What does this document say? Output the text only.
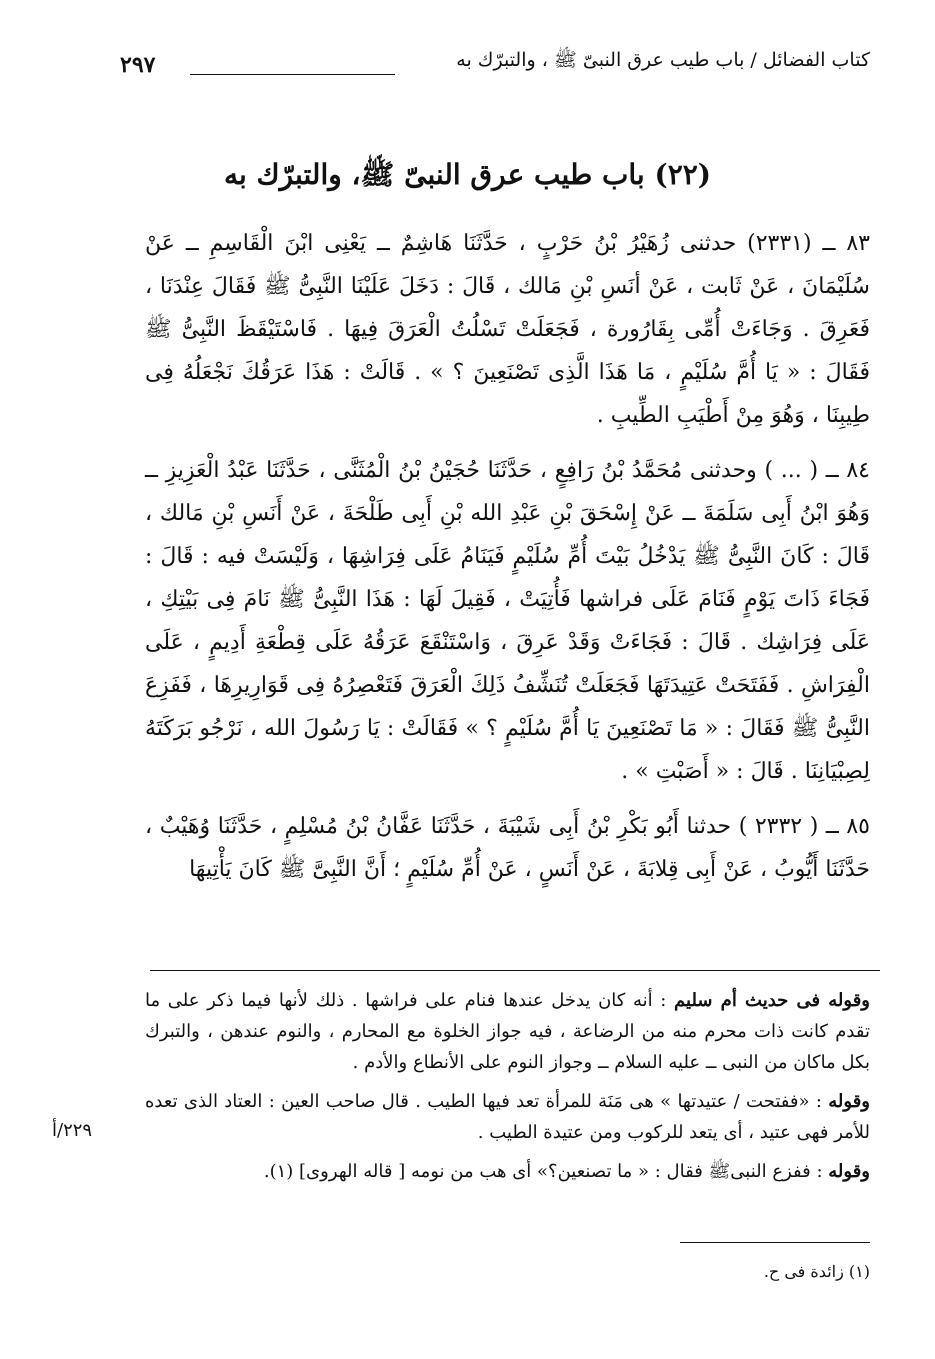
كتاب الفضائل / باب طيب عرق النبىّ ﷺ ، والتبرّك به
٢٩٧
(٢٢) باب طيب عرق النبىّ ﷺ، والتبرّك به

٨٣ ــ (٢٣٣١) حدثنى زُهَيْرُ بْنُ حَرْبٍ ، حَدَّثَنَا هَاشِمٌ ــ يَعْنِى ابْنَ الْقَاسِمِ ــ عَنْ سُلَيْمَانَ ، عَنْ ثَابت ، عَنْ أنَسِ بْنِ مَالك ، قَالَ : دَخَلَ عَلَيْنَا النَّبِىُّ ﷺ فَقَالَ عِنْدَنَا ، فَعَرِقَ . وَجَاءَتْ أُمِّى بِقَارُورة ، فَجَعَلَتْ تَسْلُتُ الْعَرَقَ فِيهَا . فَاسْتَيْقَظَ النَّبِىُّ ﷺ فَقَالَ : « يَا أُمَّ سُلَيْمٍ ، مَا هَذَا الَّذِى تَصْنَعِينَ ؟ » . قَالَتْ : هَذَا عَرَقُكَ نَجْعَلُهُ فِى طِيبِنَا ، وَهُوَ مِنْ أَطْيَبِ الطِّيبِ .

٨٤ ــ ( ... ) وحدثنى مُحَمَّدُ بْنُ رَافِعٍ ، حَدَّثَنَا حُجَيْنُ بْنُ الْمُثَنَّى ، حَدَّثَنَا عَبْدُ الْعَزِيزِ ــ وَهُوَ ابْنُ أَبِى سَلَمَةَ ــ عَنْ إِسْحَقَ بْنِ عَبْدِ الله بْنِ أَبِى طَلْحَةَ ، عَنْ أَنَسِ بْنِ مَالك ، قَالَ : كَانَ النَّبِىُّ ﷺ يَدْخُلُ بَيْتَ أُمِّ سُلَيْمٍ فَيَنَامُ عَلَى فِرَاشِهَا ، وَلَيْسَتْ فيه : قَالَ : فَجَاءَ ذَاتَ يَوْمٍ فَنَامَ عَلَى فراشها فَأُتِيَتْ ، فَقِيلَ لَهَا : هَذَا النَّبِىُّ ﷺ نَامَ فِى بَيْتِكِ ، عَلَى فِرَاشِك . قَالَ : فَجَاءَتْ وَقَدْ عَرِقَ ، وَاسْتَنْقَعَ عَرَقُهُ عَلَى قِطْعَةِ أَدِيمٍ ، عَلَى الْفِرَاشِ . فَفَتَحَتْ عَتِيدَتَهَا فَجَعَلَتْ تُنَشِّفُ ذَلِكَ الْعَرَقَ فَتَعْصِرُهُ فِى قَوَارِيرِهَا ، فَفَزِعَ النَّبِىُّ ﷺ فَقَالَ : « مَا تَصْنَعِينَ يَا أُمَّ سُلَيْمٍ ؟ » فَقَالَتْ : يَا رَسُولَ الله ، نَرْجُو بَرَكَتَهُ لِصِبْيَانِنَا . قَالَ : « أَصَبْتِ » .

٨٥ ــ ( ٢٣٣٢ ) حدثنا أَبُو بَكْرِ بْنُ أَبِى شَيْبَةَ ، حَدَّثَنَا عَفَّانُ بْنُ مُسْلِمٍ ، حَدَّثَنَا وُهَيْبٌ ، حَدَّثَنَا أَيُّوبُ ، عَنْ أَبِى قِلابَةَ ، عَنْ أَنَسٍ ، عَنْ أُمِّ سُلَيْمٍ ؛ أَنَّ النَّبِىَّ ﷺ كَانَ يَأْتِيهَا

وقوله فى حديث أم سليم : أنه كان يدخل عندها فنام على فراشها . ذلك لأنها فيما ذكر على ما تقدم كانت ذات محرم منه من الرضاعة ، فيه جواز الخلوة مع المحارم ، والنوم عندهن ، والتبرك بكل ماكان من النبى ــ عليه السلام ــ وجواز النوم على الأنطاع والأدم .

وقوله : «ففتحت / عتيدتها » هى مَنَة للمرأة تعد فيها الطيب . قال صاحب العين : العتاد الذى تعده للأمر فهى عتيد ، أى يتعد للركوب ومن عتيدة الطيب .

وقوله : ففزع النبىﷺ فقال : « ما تصنعين؟» أى هب من نومه [ قاله الهروى] (١).

٢٢٩/أ
(١) زائدة فى ح.
